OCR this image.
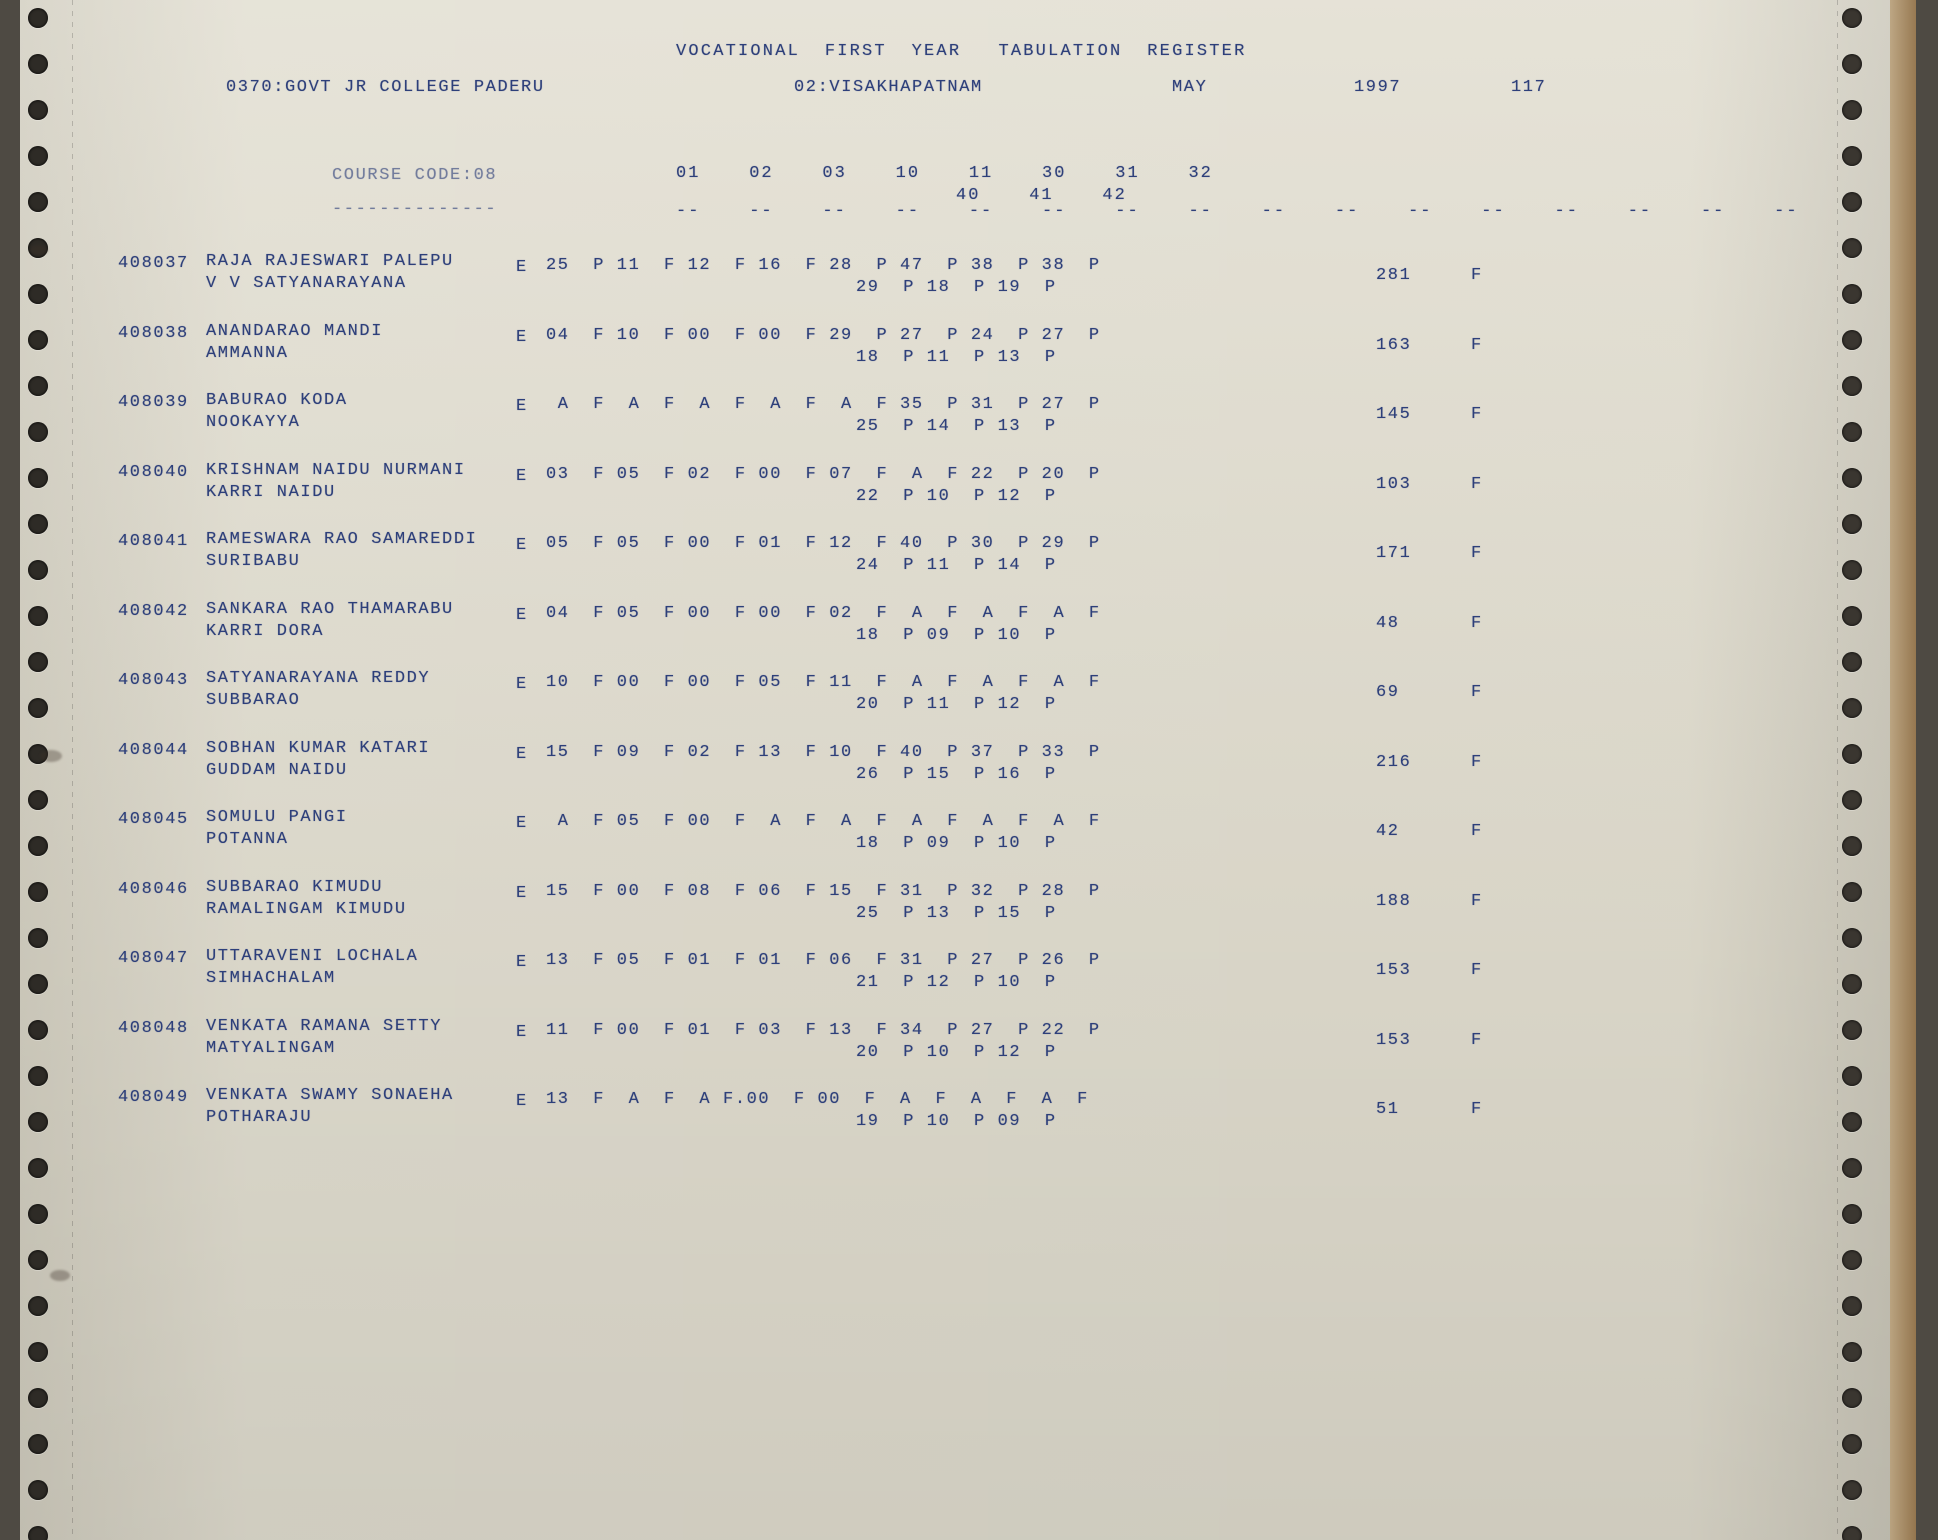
VOCATIONAL  FIRST  YEAR   TABULATION  REGISTER
0370:GOVT JR COLLEGE PADERU	02:VISAKHAPATNAM	MAY	1997	117
COURSE CODE:08	01    02    03    10    11    30    31    32
40    41    42
--------------	--    --    --    --    --    --    --    --    --    --    --    --    --    --    --    --
408037 RAJA RAJESWARI PALEPU
V V SATYANARAYANA
E 25  P 11  F 12  F 16  F 28  P 47  P 38  P 38  P
29  P 18  P 19  P
281	F
408038 ANANDARAO MANDI
AMMANNA
E 04  F 10  F 00  F 00  F 29  P 27  P 24  P 27  P
18  P 11  P 13  P
163	F
408039 BABURAO KODA
NOOKAYYA
E A  F  A  F  A  F  A  F  A  F 35  P 31  P 27  P
25  P 14  P 13  P
145	F
408040 KRISHNAM NAIDU NURMANI
KARRI NAIDU
E 03  F 05  F 02  F 00  F 07  F  A  F 22  P 20  P
22  P 10  P 12  P
103	F
408041 RAMESWARA RAO SAMAREDDI
SURIBABU
E 05  F 05  F 00  F 01  F 12  F 40  P 30  P 29  P
24  P 11  P 14  P
171	F
408042 SANKARA RAO THAMARABU
KARRI DORA
E 04  F 05  F 00  F 00  F 02  F  A  F  A  F  A  F
18  P 09  P 10  P
48	F
408043 SATYANARAYANA REDDY
SUBBARAO
E 10  F 00  F 00  F 05  F 11  F  A  F  A  F  A  F
20  P 11  P 12  P
69	F
408044 SOBHAN KUMAR KATARI
GUDDAM NAIDU
E 15  F 09  F 02  F 13  F 10  F 40  P 37  P 33  P
26  P 15  P 16  P
216	F
408045 SOMULU PANGI
POTANNA
E A  F 05  F 00  F  A  F  A  F  A  F  A  F  A  F
18  P 09  P 10  P
42	F
408046 SUBBARAO KIMUDU
RAMALINGAM KIMUDU
E 15  F 00  F 08  F 06  F 15  F 31  P 32  P 28  P
25  P 13  P 15  P
188	F
408047 UTTARAVENI LOCHALA
SIMHACHALAM
E 13  F 05  F 01  F 01  F 06  F 31  P 27  P 26  P
21  P 12  P 10  P
153	F
408048 VENKATA RAMANA SETTY
MATYALINGAM
E 11  F 00  F 01  F 03  F 13  F 34  P 27  P 22  P
20  P 10  P 12  P
153	F
408049 VENKATA SWAMY SONAEHA
POTHARAJU
E 13  F  A  F  A F.00  F 00  F  A  F  A  F  A  F
19  P 10  P 09  P
51	F
